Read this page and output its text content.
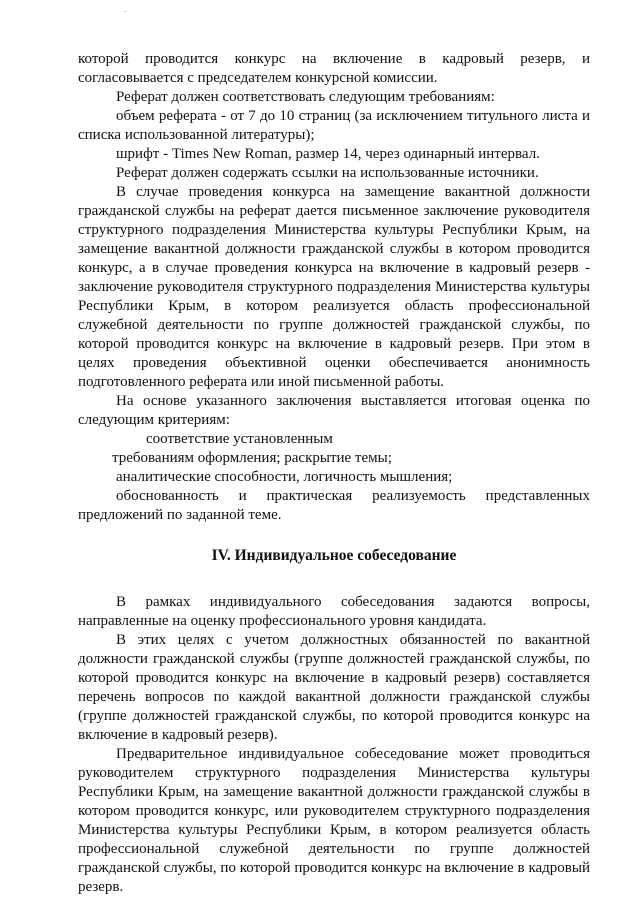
.

которой проводится конкурс на включение в кадровый резерв, и согласовывается с председателем конкурсной комиссии.

Реферат должен соответствовать следующим требованиям:

объем реферата - от 7 до 10 страниц (за исключением титульного листа и списка использованной литературы);

шрифт - Times New Roman, размер 14, через одинарный интервал.

Реферат должен содержать ссылки на использованные источники.

В случае проведения конкурса на замещение вакантной должности гражданской службы на реферат дается письменное заключение руководителя структурного подразделения Министерства культуры Республики Крым, на замещение вакантной должности гражданской службы в котором проводится конкурс, а в случае проведения конкурса на включение в кадровый резерв - заключение руководителя структурного подразделения Министерства культуры Республики Крым, в котором реализуется область профессиональной служебной деятельности по группе должностей гражданской службы, по которой проводится конкурс на включение в кадровый резерв. При этом в целях проведения объективной оценки обеспечивается анонимность подготовленного реферата или иной письменной работы.

На основе указанного заключения выставляется итоговая оценка по следующим критериям:

соответствие установленным

требованиям оформления; раскрытие темы;

аналитические способности, логичность мышления;

обоснованность и практическая реализуемость представленных предложений по заданной теме.

IV. Индивидуальное собеседование

В рамках индивидуального собеседования задаются вопросы, направленные на оценку профессионального уровня кандидата.

В этих целях с учетом должностных обязанностей по вакантной должности гражданской службы (группе должностей гражданской службы, по которой проводится конкурс на включение в кадровый резерв) составляется перечень вопросов по каждой вакантной должности гражданской службы (группе должностей гражданской службы, по которой проводится конкурс на включение в кадровый резерв).

Предварительное индивидуальное собеседование может проводиться руководителем структурного подразделения Министерства культуры Республики Крым, на замещение вакантной должности гражданской службы в котором проводится конкурс, или руководителем структурного подразделения Министерства культуры Республики Крым, в котором реализуется область профессиональной служебной деятельности по группе должностей гражданской службы, по которой проводится конкурс на включение в кадровый резерв.
